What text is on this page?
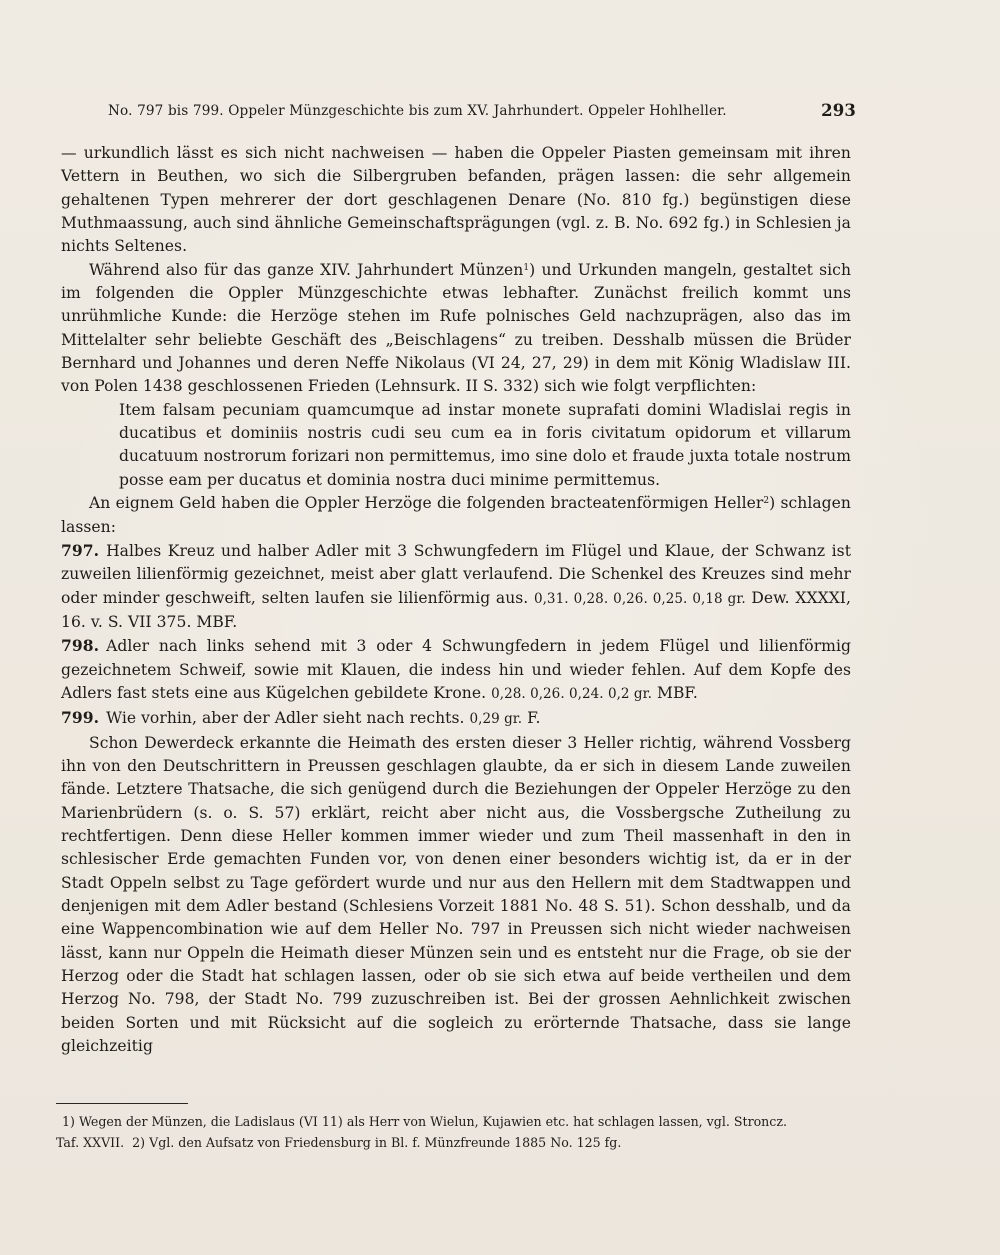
No. 797 bis 799. Oppeler Münzgeschichte bis zum XV. Jahrhundert. Oppeler Hohlheller.	293

— urkundlich lässt es sich nicht nachweisen — haben die Oppeler Piasten gemeinsam mit ihren Vettern in Beuthen, wo sich die Silbergruben befanden, prägen lassen: die sehr allgemein gehaltenen Typen mehrerer der dort geschlagenen Denare (No. 810 fg.) begünstigen diese Muthmaassung, auch sind ähnliche Gemeinschaftsprägungen (vgl. z. B. No. 692 fg.) in Schlesien ja nichts Seltenes.

Während also für das ganze XIV. Jahrhundert Münzen$^1$) und Urkunden mangeln, gestaltet sich im folgenden die Oppler Münzgeschichte etwas lebhafter. Zunächst freilich kommt uns unrühmliche Kunde: die Herzöge stehen im Rufe polnisches Geld nachzuprägen, also das im Mittelalter sehr beliebte Geschäft des „Beischlagens“ zu treiben. Desshalb müssen die Brüder Bernhard und Johannes und deren Neffe Nikolaus (VI 24, 27, 29) in dem mit König Wladislaw III. von Polen 1438 geschlossenen Frieden (Lehnsurk. II S. 332) sich wie folgt verpflichten:

Item falsam pecuniam quamcumque ad instar monete suprafati domini Wladislai regis in ducatibus et dominiis nostris cudi seu cum ea in foris civitatum opidorum et villarum ducatuum nostrorum forizari non permittemus, imo sine dolo et fraude juxta totale nostrum posse eam per ducatus et dominia nostra duci minime permittemus.

An eignem Geld haben die Oppler Herzöge die folgenden bracteatenförmigen Heller$^2$) schlagen lassen:

797. Halbes Kreuz und halber Adler mit 3 Schwungfedern im Flügel und Klaue, der Schwanz ist zuweilen lilienförmig gezeichnet, meist aber glatt verlaufend. Die Schenkel des Kreuzes sind mehr oder minder geschweift, selten laufen sie lilienförmig aus. 0,31. 0,28. 0,26. 0,25. 0,18 gr. Dew. XXXXI, 16. v. S. VII 375. MBF.

798. Adler nach links sehend mit 3 oder 4 Schwungfedern in jedem Flügel und lilienförmig gezeichnetem Schweif, sowie mit Klauen, die indess hin und wieder fehlen. Auf dem Kopfe des Adlers fast stets eine aus Kügelchen gebildete Krone. 0,28. 0,26. 0,24. 0,2 gr. MBF.

799. Wie vorhin, aber der Adler sieht nach rechts. 0,29 gr. F.

Schon Dewerdeck erkannte die Heimath des ersten dieser 3 Heller richtig, während Vossberg ihn von den Deutschrittern in Preussen geschlagen glaubte, da er sich in diesem Lande zuweilen fände. Letztere Thatsache, die sich genügend durch die Beziehungen der Oppeler Herzöge zu den Marienbrüdern (s. o. S. 57) erklärt, reicht aber nicht aus, die Vossbergsche Zutheilung zu rechtfertigen. Denn diese Heller kommen immer wieder und zum Theil massenhaft in den in schlesischer Erde gemachten Funden vor, von denen einer besonders wichtig ist, da er in der Stadt Oppeln selbst zu Tage gefördert wurde und nur aus den Hellern mit dem Stadtwappen und denjenigen mit dem Adler bestand (Schlesiens Vorzeit 1881 No. 48 S. 51). Schon desshalb, und da eine Wappencombination wie auf dem Heller No. 797 in Preussen sich nicht wieder nachweisen lässt, kann nur Oppeln die Heimath dieser Münzen sein und es entsteht nur die Frage, ob sie der Herzog oder die Stadt hat schlagen lassen, oder ob sie sich etwa auf beide vertheilen und dem Herzog No. 798, der Stadt No. 799 zuzuschreiben ist. Bei der grossen Aehnlichkeit zwischen beiden Sorten und mit Rücksicht auf die sogleich zu erörternde Thatsache, dass sie lange gleichzeitig

1) Wegen der Münzen, die Ladislaus (VI 11) als Herr von Wielun, Kujawien etc. hat schlagen lassen, vgl. Stroncz.

Taf. XXVII. 2) Vgl. den Aufsatz von Friedensburg in Bl. f. Münzfreunde 1885 No. 125 fg.
